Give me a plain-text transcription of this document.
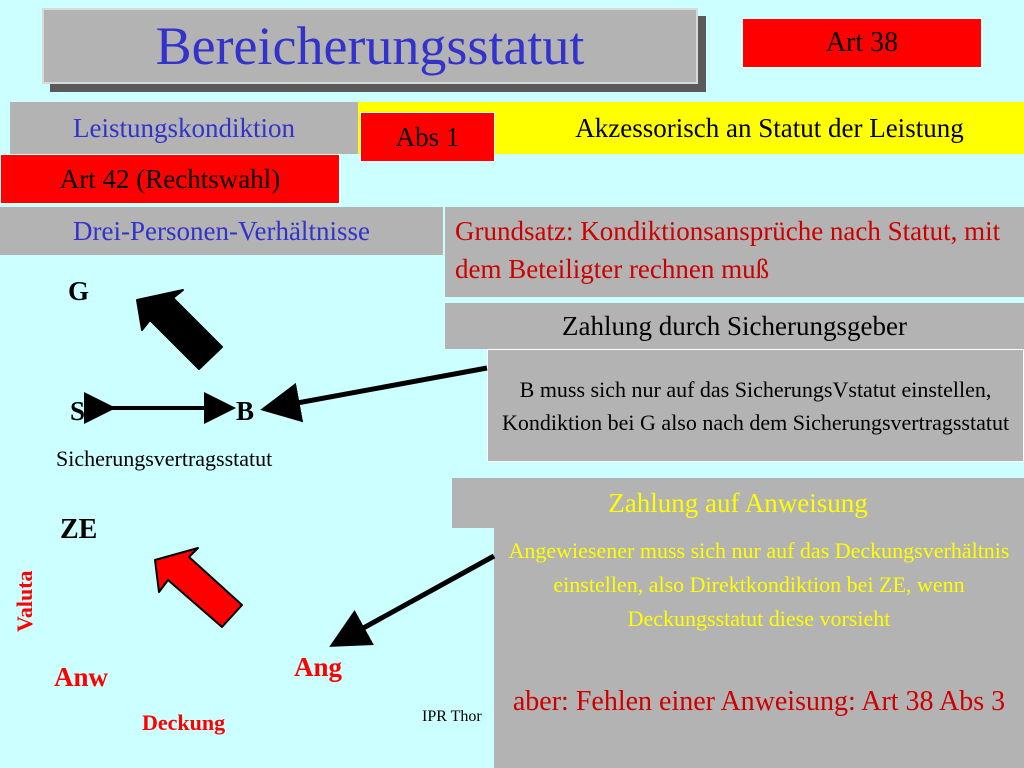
Bereicherungsstatut	Art 38
Leistungskondiktion	Akzessorisch an Statut der Leistung
Abs 1
Art 42 (Rechtswahl)
Drei-Personen-Verhältnisse	Grundsatz: Kondiktionsansprüche nach Statut, mit dem Beteiligter rechnen muß
Zahlung durch Sicherungsgeber
B muss sich nur auf das SicherungsVstatut einstellen, Kondiktion bei G also nach dem Sicherungsvertragsstatut
Zahlung auf Anweisung
Angewiesener muss sich nur auf das Deckungsverhältnis einstellen, also Direktkondiktion bei ZE, wenn Deckungsstatut diese vorsieht
aber: Fehlen einer Anweisung: Art 38 Abs 3
IPR Thor
G
S	B
Sicherungsvertragsstatut
ZE
Valuta
Anw	Ang
Deckung
